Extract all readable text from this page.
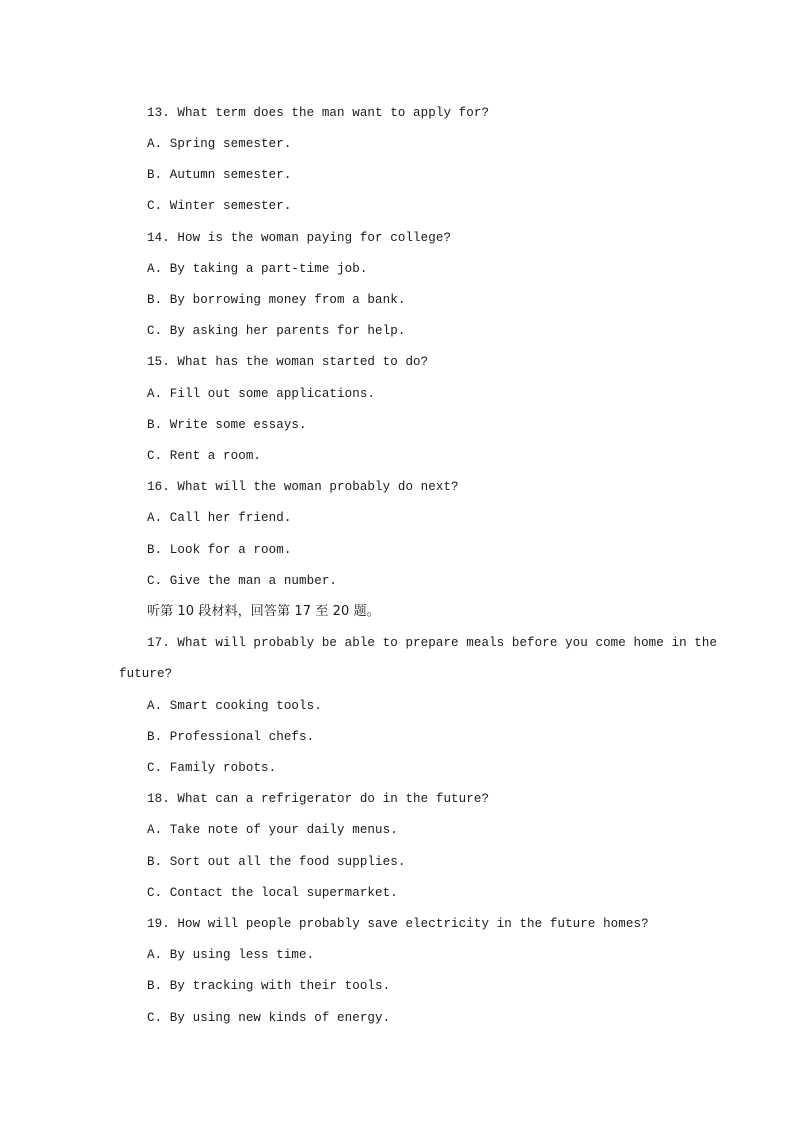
13. What term does the man want to apply for?

A. Spring semester.

B. Autumn semester.

C. Winter semester.

14. How is the woman paying for college?

A. By taking a part-time job.

B. By borrowing money from a bank.

C. By asking her parents for help.

15. What has the woman started to do?

A. Fill out some applications.

B. Write some essays.

C. Rent a room.

16. What will the woman probably do next?

A. Call her friend.

B. Look for a room.

C. Give the man a number.

听第 10 段材料，回答第 17 至 20 题。

17. What will probably be able to prepare meals before you come home in the

future?

A. Smart cooking tools.

B. Professional chefs.

C. Family robots.

18. What can a refrigerator do in the future?

A. Take note of your daily menus.

B. Sort out all the food supplies.

C. Contact the local supermarket.

19. How will people probably save electricity in the future homes?

A. By using less time.

B. By tracking with their tools.

C. By using new kinds of energy.
